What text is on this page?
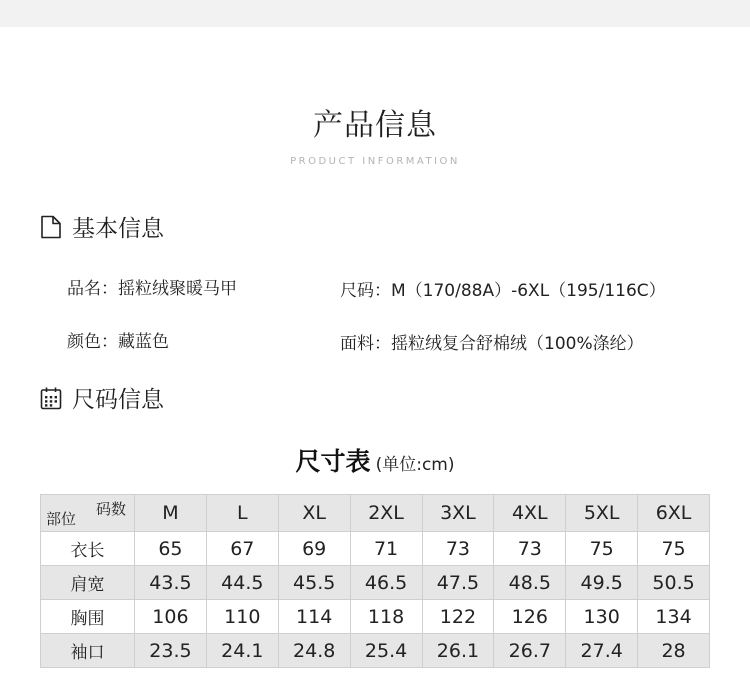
产品信息
PRODUCT INFORMATION
基本信息
品名：摇粒绒聚暖马甲	尺码：M（170/88A）-6XL（195/116C）
颜色：藏蓝色	面料：摇粒绒复合舒棉绒（100%涤纶）
尺码信息
尺寸表 (单位:cm)
码数
部位	M	L	XL	2XL	3XL	4XL	5XL	6XL
衣长	65	67	69	71	73	73	75	75
肩宽	43.5	44.5	45.5	46.5	47.5	48.5	49.5	50.5
胸围	106	110	114	118	122	126	130	134
袖口	23.5	24.1	24.8	25.4	26.1	26.7	27.4	28
